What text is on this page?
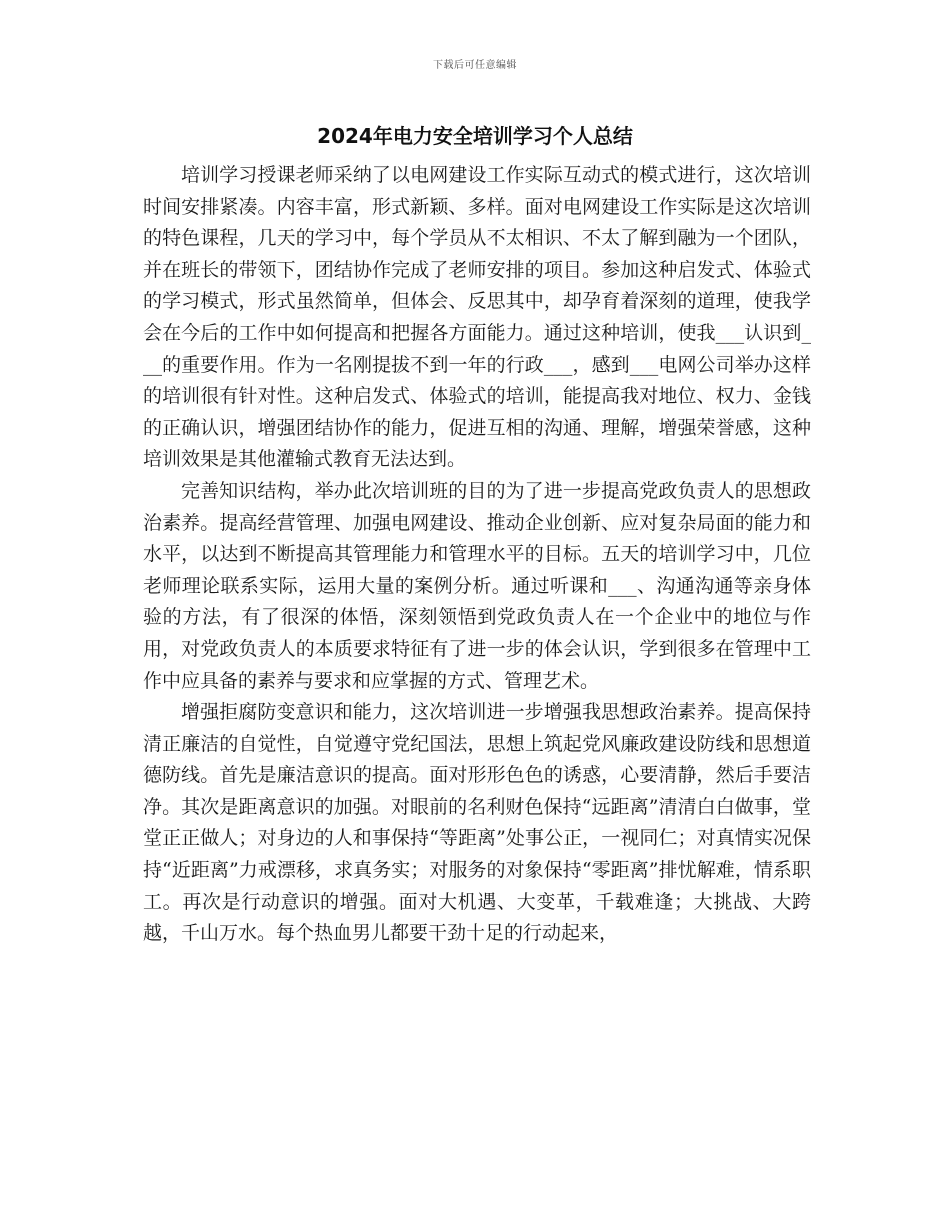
下载后可任意编辑
2024年电力安全培训学习个人总结

培训学习授课老师采纳了以电网建设工作实际互动式的模式进行，这次培训时间安排紧凑。内容丰富，形式新颖、多样。面对电网建设工作实际是这次培训的特色课程，几天的学习中，每个学员从不太相识、不太了解到融为一个团队，并在班长的带领下，团结协作完成了老师安排的项目。参加这种启发式、体验式的学习模式，形式虽然简单，但体会、反思其中，却孕育着深刻的道理，使我学会在今后的工作中如何提高和把握各方面能力。通过这种培训，使我___认识到___的重要作用。作为一名刚提拔不到一年的行政___，感到___电网公司举办这样的培训很有针对性。这种启发式、体验式的培训，能提高我对地位、权力、金钱的正确认识，增强团结协作的能力，促进互相的沟通、理解，增强荣誉感，这种培训效果是其他灌输式教育无法达到。

完善知识结构，举办此次培训班的目的为了进一步提高党政负责人的思想政治素养。提高经营管理、加强电网建设、推动企业创新、应对复杂局面的能力和水平，以达到不断提高其管理能力和管理水平的目标。五天的培训学习中，几位老师理论联系实际，运用大量的案例分析。通过听课和___、沟通沟通等亲身体验的方法，有了很深的体悟，深刻领悟到党政负责人在一个企业中的地位与作用，对党政负责人的本质要求特征有了进一步的体会认识，学到很多在管理中工作中应具备的素养与要求和应掌握的方式、管理艺术。

增强拒腐防变意识和能力，这次培训进一步增强我思想政治素养。提高保持清正廉洁的自觉性，自觉遵守党纪国法，思想上筑起党风廉政建设防线和思想道德防线。首先是廉洁意识的提高。面对形形色色的诱惑，心要清静，然后手要洁净。其次是距离意识的加强。对眼前的名利财色保持“远距离”清清白白做事，堂堂正正做人；对身边的人和事保持“等距离”处事公正，一视同仁；对真情实况保持“近距离”力戒漂移，求真务实；对服务的对象保持“零距离”排忧解难，情系职工。再次是行动意识的增强。面对大机遇、大变革，千载难逢；大挑战、大跨越，千山万水。每个热血男儿都要干劲十足的行动起来，
